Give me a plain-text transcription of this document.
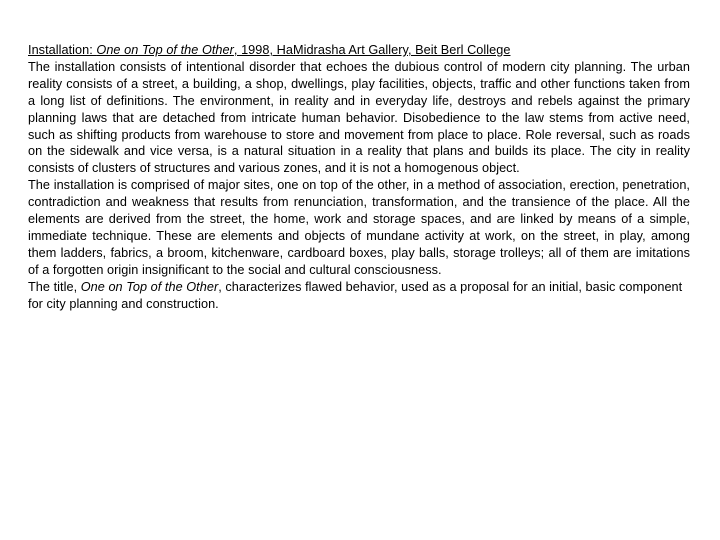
Installation: One on Top of the Other, 1998, HaMidrasha Art Gallery, Beit Berl College

The installation consists of intentional disorder that echoes the dubious control of modern city planning. The urban reality consists of a street, a building, a shop, dwellings, play facilities, objects, traffic and other functions taken from a long list of definitions. The environment, in reality and in everyday life, destroys and rebels against the primary planning laws that are detached from intricate human behavior. Disobedience to the law stems from active need, such as shifting products from warehouse to store and movement from place to place. Role reversal, such as roads on the sidewalk and vice versa, is a natural situation in a reality that plans and builds its place. The city in reality consists of clusters of structures and various zones, and it is not a homogenous object.

The installation is comprised of major sites, one on top of the other, in a method of association, erection, penetration, contradiction and weakness that results from renunciation, transformation, and the transience of the place. All the elements are derived from the street, the home, work and storage spaces, and are linked by means of a simple, immediate technique. These are elements and objects of mundane activity at work, on the street, in play, among them ladders, fabrics, a broom, kitchenware, cardboard boxes, play balls, storage trolleys; all of them are imitations of a forgotten origin insignificant to the social and cultural consciousness.

The title, One on Top of the Other, characterizes flawed behavior, used as a proposal for an initial, basic component for city planning and construction.
